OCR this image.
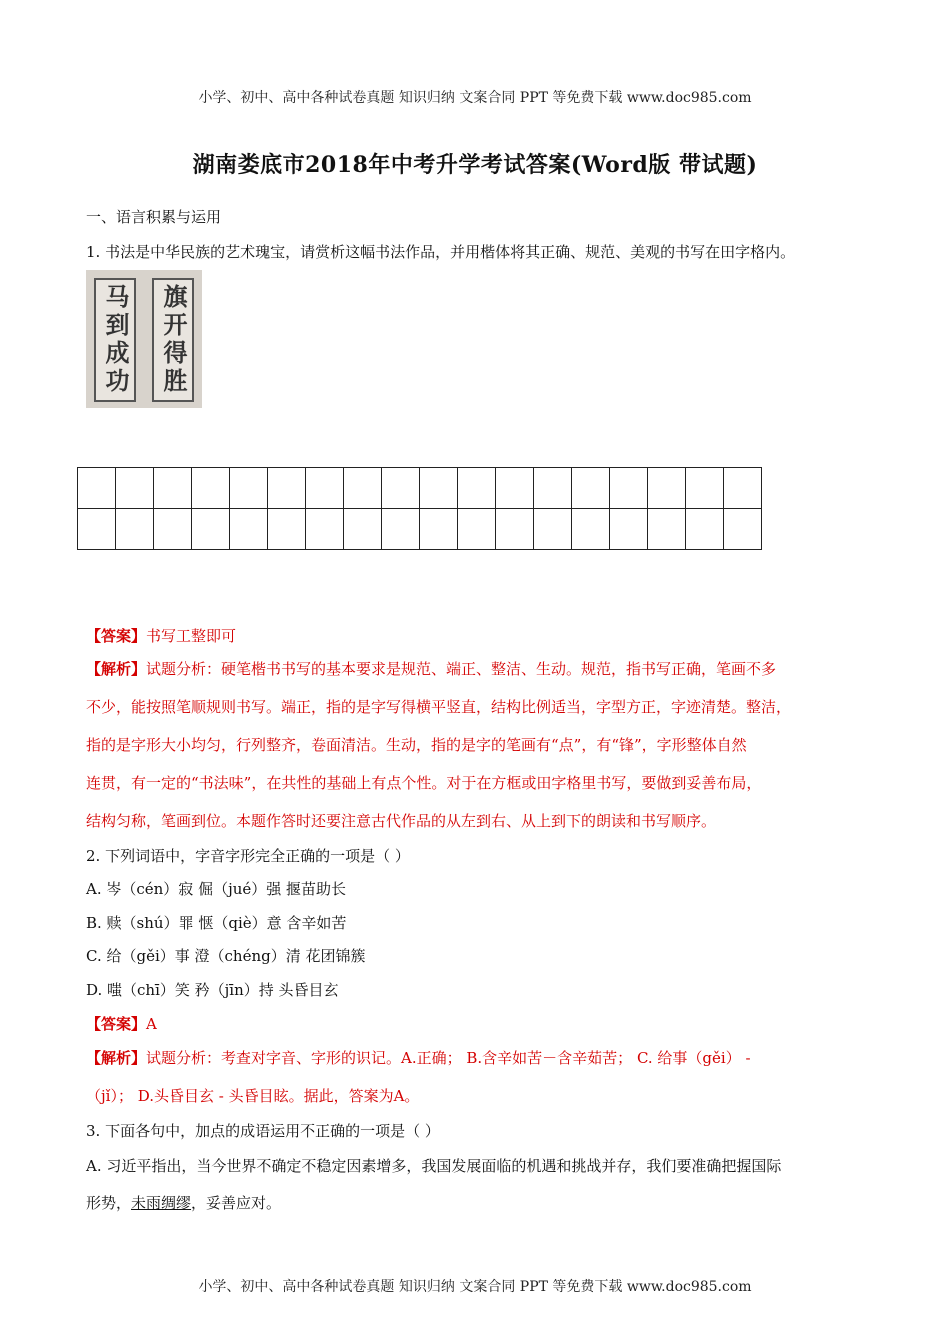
小学、初中、高中各种试卷真题 知识归纳 文案合同 PPT 等免费下载 www.doc985.com
湖南娄底市2018年中考升学考试答案(Word版 带试题)
一、语言积累与运用
1. 书法是中华民族的艺术瑰宝，请赏析这幅书法作品，并用楷体将其正确、规范、美观的书写在田字格内。
马到成功 旗开得胜

【答案】书写工整即可
【解析】试题分析：硬笔楷书书写的基本要求是规范、端正、整洁、生动。规范，指书写正确，笔画不多
不少，能按照笔顺规则书写。端正，指的是字写得横平竖直，结构比例适当，字型方正，字迹清楚。整洁，
指的是字形大小均匀，行列整齐，卷面清洁。生动，指的是字的笔画有“点”，有“锋”，字形整体自然
连贯，有一定的“书法味”，在共性的基础上有点个性。对于在方框或田字格里书写，要做到妥善布局，
结构匀称，笔画到位。本题作答时还要注意古代作品的从左到右、从上到下的朗读和书写顺序。
2. 下列词语中，字音字形完全正确的一项是（ ）
A. 岑（cén）寂 倔（jué）强 揠苗助长
B. 赎（shú）罪 惬（qiè）意 含辛如苦
C. 给（gěi）事 澄（chéng）清 花团锦簇
D. 嗤（chī）笑 矜（jīn）持 头昏目玄
【答案】A
【解析】试题分析：考查对字音、字形的识记。A.正确； B.含辛如苦－含辛茹苦； C. 给事（gěi） -
（jǐ）； D.头昏目玄 - 头昏目眩。据此，答案为A。
3. 下面各句中，加点的成语运用不正确的一项是（ ）
A. 习近平指出，当今世界不确定不稳定因素增多，我国发展面临的机遇和挑战并存，我们要准确把握国际
形势，未雨绸缪，妥善应对。
小学、初中、高中各种试卷真题 知识归纳 文案合同 PPT 等免费下载 www.doc985.com
